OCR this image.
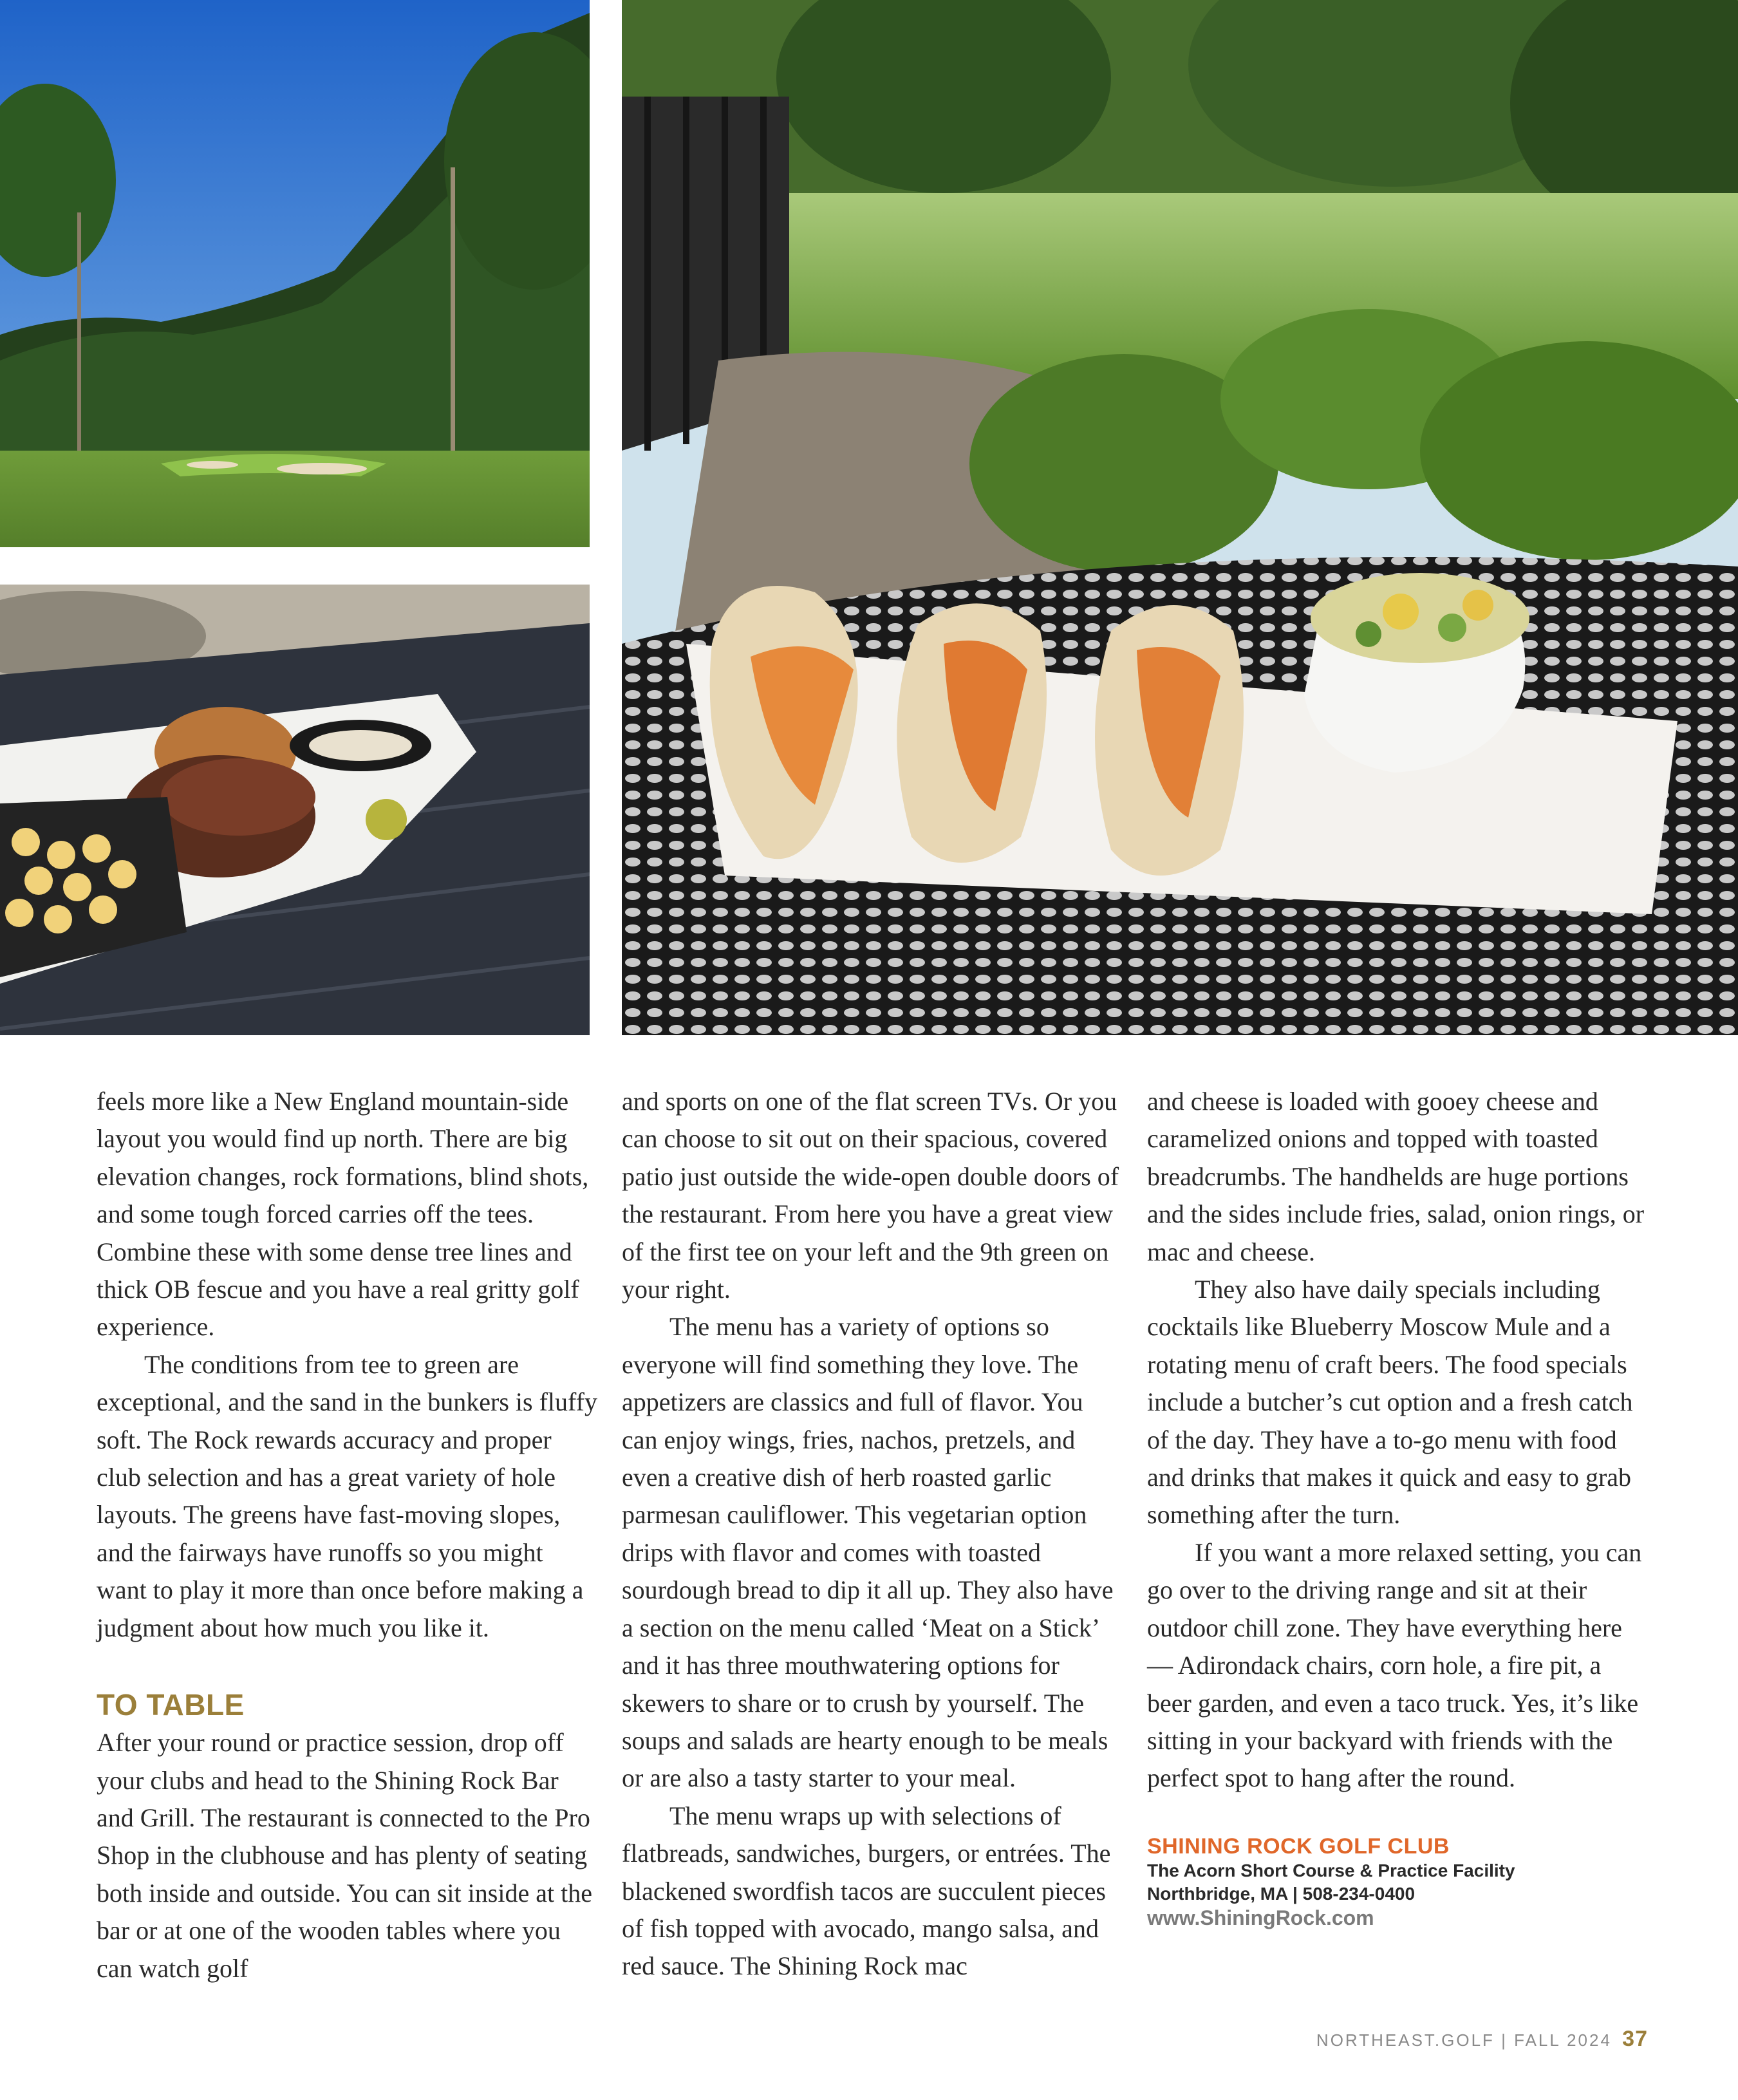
feels more like a New England mountain-side layout you would find up north. There are big elevation changes, rock formations, blind shots, and some tough forced carries off the tees. Combine these with some dense tree lines and thick OB fescue and you have a real gritty golf experience.

The conditions from tee to green are exceptional, and the sand in the bunkers is fluffy soft. The Rock rewards accuracy and proper club selection and has a great variety of hole layouts. The greens have fast-moving slopes, and the fairways have runoffs so you might want to play it more than once before making a judgment about how much you like it.

TO TABLE

After your round or practice session, drop off your clubs and head to the Shining Rock Bar and Grill. The restaurant is connected to the Pro Shop in the clubhouse and has plenty of seating both inside and outside. You can sit inside at the bar or at one of the wooden tables where you can watch golf

and sports on one of the flat screen TVs. Or you can choose to sit out on their spacious, covered patio just outside the wide-open double doors of the restaurant. From here you have a great view of the first tee on your left and the 9th green on your right.

The menu has a variety of options so everyone will find something they love. The appetizers are classics and full of flavor. You can enjoy wings, fries, nachos, pretzels, and even a creative dish of herb roasted garlic parmesan cauliflower. This vegetarian option drips with flavor and comes with toasted sourdough bread to dip it all up. They also have a section on the menu called ‘Meat on a Stick’ and it has three mouthwatering options for skewers to share or to crush by yourself. The soups and salads are hearty enough to be meals or are also a tasty starter to your meal.

The menu wraps up with selections of flatbreads, sandwiches, burgers, or entrées. The blackened swordfish tacos are succulent pieces of fish topped with avocado, mango salsa, and red sauce. The Shining Rock mac

and cheese is loaded with gooey cheese and caramelized onions and topped with toasted breadcrumbs. The handhelds are huge portions and the sides include fries, salad, onion rings, or mac and cheese.

They also have daily specials including cocktails like Blueberry Moscow Mule and a rotating menu of craft beers. The food specials include a butcher’s cut option and a fresh catch of the day. They have a to-go menu with food and drinks that makes it quick and easy to grab something after the turn.

If you want a more relaxed setting, you can go over to the driving range and sit at their outdoor chill zone. They have everything here — Adirondack chairs, corn hole, a fire pit, a beer garden, and even a taco truck. Yes, it’s like sitting in your backyard with friends with the perfect spot to hang after the round.

SHINING ROCK GOLF CLUB
The Acorn Short Course & Practice Facility
Northbridge, MA | 508-234-0400
www.ShiningRock.com
NORTHEAST.GOLF | FALL 2024 37
